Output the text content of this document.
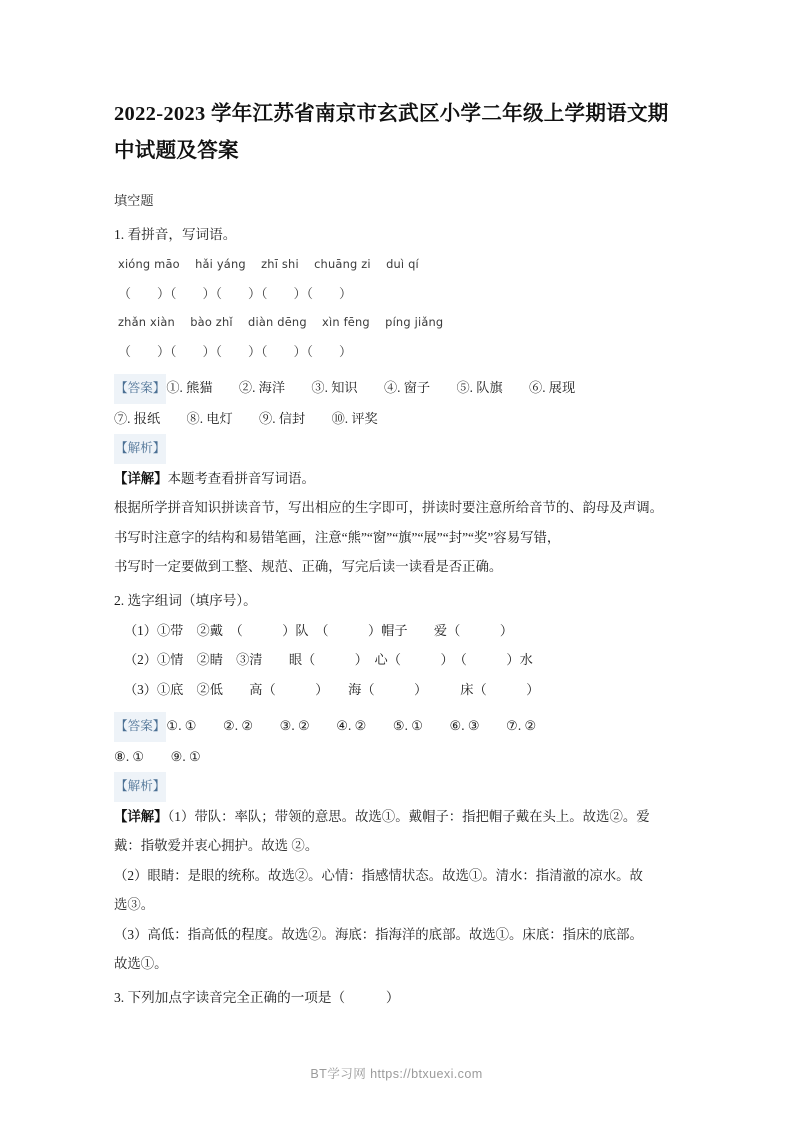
2022-2023 学年江苏省南京市玄武区小学二年级上学期语文期中试题及答案
填空题
1. 看拼音，写词语。
xióng māo    hǎi yáng    zhī shi    chuāng zi    duì qí
（        ）（        ）（        ）（        ）（        ）
zhǎn xiàn    bào zhǐ    diàn dēng    xìn fēng    píng jiǎng
（        ）（        ）（        ）（        ）（        ）
【答案】①. 熊猫　　②. 海洋　　③. 知识　　④. 窗子　　⑤. 队旗　　⑥. 展现
⑦. 报纸　　⑧. 电灯　　⑨. 信封　　⑩. 评奖
【解析】
【详解】本题考查看拼音写词语。
根据所学拼音知识拼读音节，写出相应的生字即可，拼读时要注意所给音节的、韵母及声调。
书写时注意字的结构和易错笔画，注意“熊”“窗”“旗”“展”“封”“奖”容易写错，
书写时一定要做到工整、规范、正确，写完后读一读看是否正确。
2. 选字组词（填序号）。
（1）①带　②戴　（　　　）队　（　　　）帽子　　爱（　　　）
（2）①情　②睛　③清　　眼（　　　）　心（　　　）　（　　　）水
（3）①底　②低　　高（　　　）　　海（　　　）　　　床（　　　）
【答案】①. ①　　②. ②　　③. ②　　④. ②　　⑤. ①　　⑥. ③　　⑦. ②
⑧. ①　　⑨. ①
【解析】
【详解】（1）带队：率队；带领的意思。故选①。戴帽子：指把帽子戴在头上。故选②。爱
戴：指敬爱并衷心拥护。故选 ②。
（2）眼睛：是眼的统称。故选②。心情：指感情状态。故选①。清水：指清澈的凉水。故
选③。
（3）高低：指高低的程度。故选②。海底：指海洋的底部。故选①。床底：指床的底部。
故选①。
3. 下列加点字读音完全正确的一项是（　　　）
BT学习网 https://btxuexi.com
